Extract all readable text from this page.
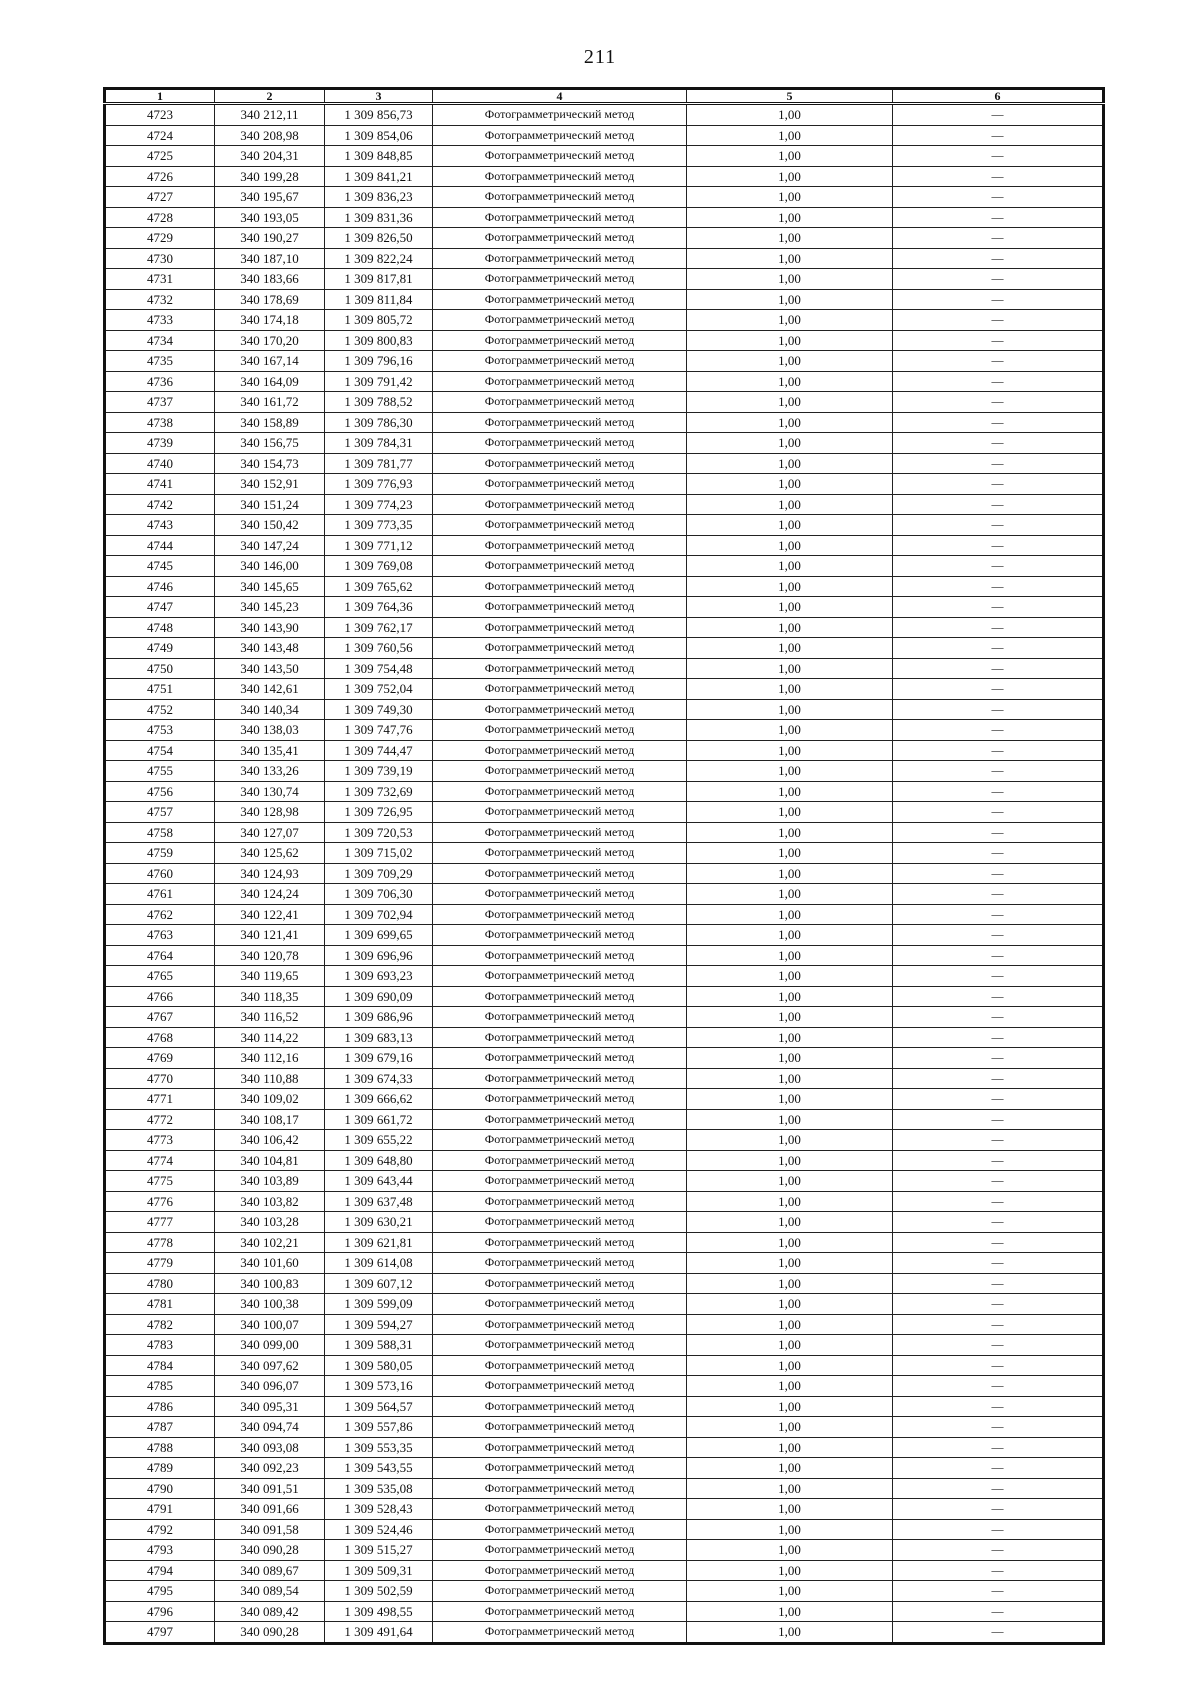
211
1	2	3	4	5	6
4723	340 212,11	1 309 856,73	Фотограмметрический метод	1,00	—
4724	340 208,98	1 309 854,06	Фотограмметрический метод	1,00	—
4725	340 204,31	1 309 848,85	Фотограмметрический метод	1,00	—
4726	340 199,28	1 309 841,21	Фотограмметрический метод	1,00	—
4727	340 195,67	1 309 836,23	Фотограмметрический метод	1,00	—
4728	340 193,05	1 309 831,36	Фотограмметрический метод	1,00	—
4729	340 190,27	1 309 826,50	Фотограмметрический метод	1,00	—
4730	340 187,10	1 309 822,24	Фотограмметрический метод	1,00	—
4731	340 183,66	1 309 817,81	Фотограмметрический метод	1,00	—
4732	340 178,69	1 309 811,84	Фотограмметрический метод	1,00	—
4733	340 174,18	1 309 805,72	Фотограмметрический метод	1,00	—
4734	340 170,20	1 309 800,83	Фотограмметрический метод	1,00	—
4735	340 167,14	1 309 796,16	Фотограмметрический метод	1,00	—
4736	340 164,09	1 309 791,42	Фотограмметрический метод	1,00	—
4737	340 161,72	1 309 788,52	Фотограмметрический метод	1,00	—
4738	340 158,89	1 309 786,30	Фотограмметрический метод	1,00	—
4739	340 156,75	1 309 784,31	Фотограмметрический метод	1,00	—
4740	340 154,73	1 309 781,77	Фотограмметрический метод	1,00	—
4741	340 152,91	1 309 776,93	Фотограмметрический метод	1,00	—
4742	340 151,24	1 309 774,23	Фотограмметрический метод	1,00	—
4743	340 150,42	1 309 773,35	Фотограмметрический метод	1,00	—
4744	340 147,24	1 309 771,12	Фотограмметрический метод	1,00	—
4745	340 146,00	1 309 769,08	Фотограмметрический метод	1,00	—
4746	340 145,65	1 309 765,62	Фотограмметрический метод	1,00	—
4747	340 145,23	1 309 764,36	Фотограмметрический метод	1,00	—
4748	340 143,90	1 309 762,17	Фотограмметрический метод	1,00	—
4749	340 143,48	1 309 760,56	Фотограмметрический метод	1,00	—
4750	340 143,50	1 309 754,48	Фотограмметрический метод	1,00	—
4751	340 142,61	1 309 752,04	Фотограмметрический метод	1,00	—
4752	340 140,34	1 309 749,30	Фотограмметрический метод	1,00	—
4753	340 138,03	1 309 747,76	Фотограмметрический метод	1,00	—
4754	340 135,41	1 309 744,47	Фотограмметрический метод	1,00	—
4755	340 133,26	1 309 739,19	Фотограмметрический метод	1,00	—
4756	340 130,74	1 309 732,69	Фотограмметрический метод	1,00	—
4757	340 128,98	1 309 726,95	Фотограмметрический метод	1,00	—
4758	340 127,07	1 309 720,53	Фотограмметрический метод	1,00	—
4759	340 125,62	1 309 715,02	Фотограмметрический метод	1,00	—
4760	340 124,93	1 309 709,29	Фотограмметрический метод	1,00	—
4761	340 124,24	1 309 706,30	Фотограмметрический метод	1,00	—
4762	340 122,41	1 309 702,94	Фотограмметрический метод	1,00	—
4763	340 121,41	1 309 699,65	Фотограмметрический метод	1,00	—
4764	340 120,78	1 309 696,96	Фотограмметрический метод	1,00	—
4765	340 119,65	1 309 693,23	Фотограмметрический метод	1,00	—
4766	340 118,35	1 309 690,09	Фотограмметрический метод	1,00	—
4767	340 116,52	1 309 686,96	Фотограмметрический метод	1,00	—
4768	340 114,22	1 309 683,13	Фотограмметрический метод	1,00	—
4769	340 112,16	1 309 679,16	Фотограмметрический метод	1,00	—
4770	340 110,88	1 309 674,33	Фотограмметрический метод	1,00	—
4771	340 109,02	1 309 666,62	Фотограмметрический метод	1,00	—
4772	340 108,17	1 309 661,72	Фотограмметрический метод	1,00	—
4773	340 106,42	1 309 655,22	Фотограмметрический метод	1,00	—
4774	340 104,81	1 309 648,80	Фотограмметрический метод	1,00	—
4775	340 103,89	1 309 643,44	Фотограмметрический метод	1,00	—
4776	340 103,82	1 309 637,48	Фотограмметрический метод	1,00	—
4777	340 103,28	1 309 630,21	Фотограмметрический метод	1,00	—
4778	340 102,21	1 309 621,81	Фотограмметрический метод	1,00	—
4779	340 101,60	1 309 614,08	Фотограмметрический метод	1,00	—
4780	340 100,83	1 309 607,12	Фотограмметрический метод	1,00	—
4781	340 100,38	1 309 599,09	Фотограмметрический метод	1,00	—
4782	340 100,07	1 309 594,27	Фотограмметрический метод	1,00	—
4783	340 099,00	1 309 588,31	Фотограмметрический метод	1,00	—
4784	340 097,62	1 309 580,05	Фотограмметрический метод	1,00	—
4785	340 096,07	1 309 573,16	Фотограмметрический метод	1,00	—
4786	340 095,31	1 309 564,57	Фотограмметрический метод	1,00	—
4787	340 094,74	1 309 557,86	Фотограмметрический метод	1,00	—
4788	340 093,08	1 309 553,35	Фотограмметрический метод	1,00	—
4789	340 092,23	1 309 543,55	Фотограмметрический метод	1,00	—
4790	340 091,51	1 309 535,08	Фотограмметрический метод	1,00	—
4791	340 091,66	1 309 528,43	Фотограмметрический метод	1,00	—
4792	340 091,58	1 309 524,46	Фотограмметрический метод	1,00	—
4793	340 090,28	1 309 515,27	Фотограмметрический метод	1,00	—
4794	340 089,67	1 309 509,31	Фотограмметрический метод	1,00	—
4795	340 089,54	1 309 502,59	Фотограмметрический метод	1,00	—
4796	340 089,42	1 309 498,55	Фотограмметрический метод	1,00	—
4797	340 090,28	1 309 491,64	Фотограмметрический метод	1,00	—
